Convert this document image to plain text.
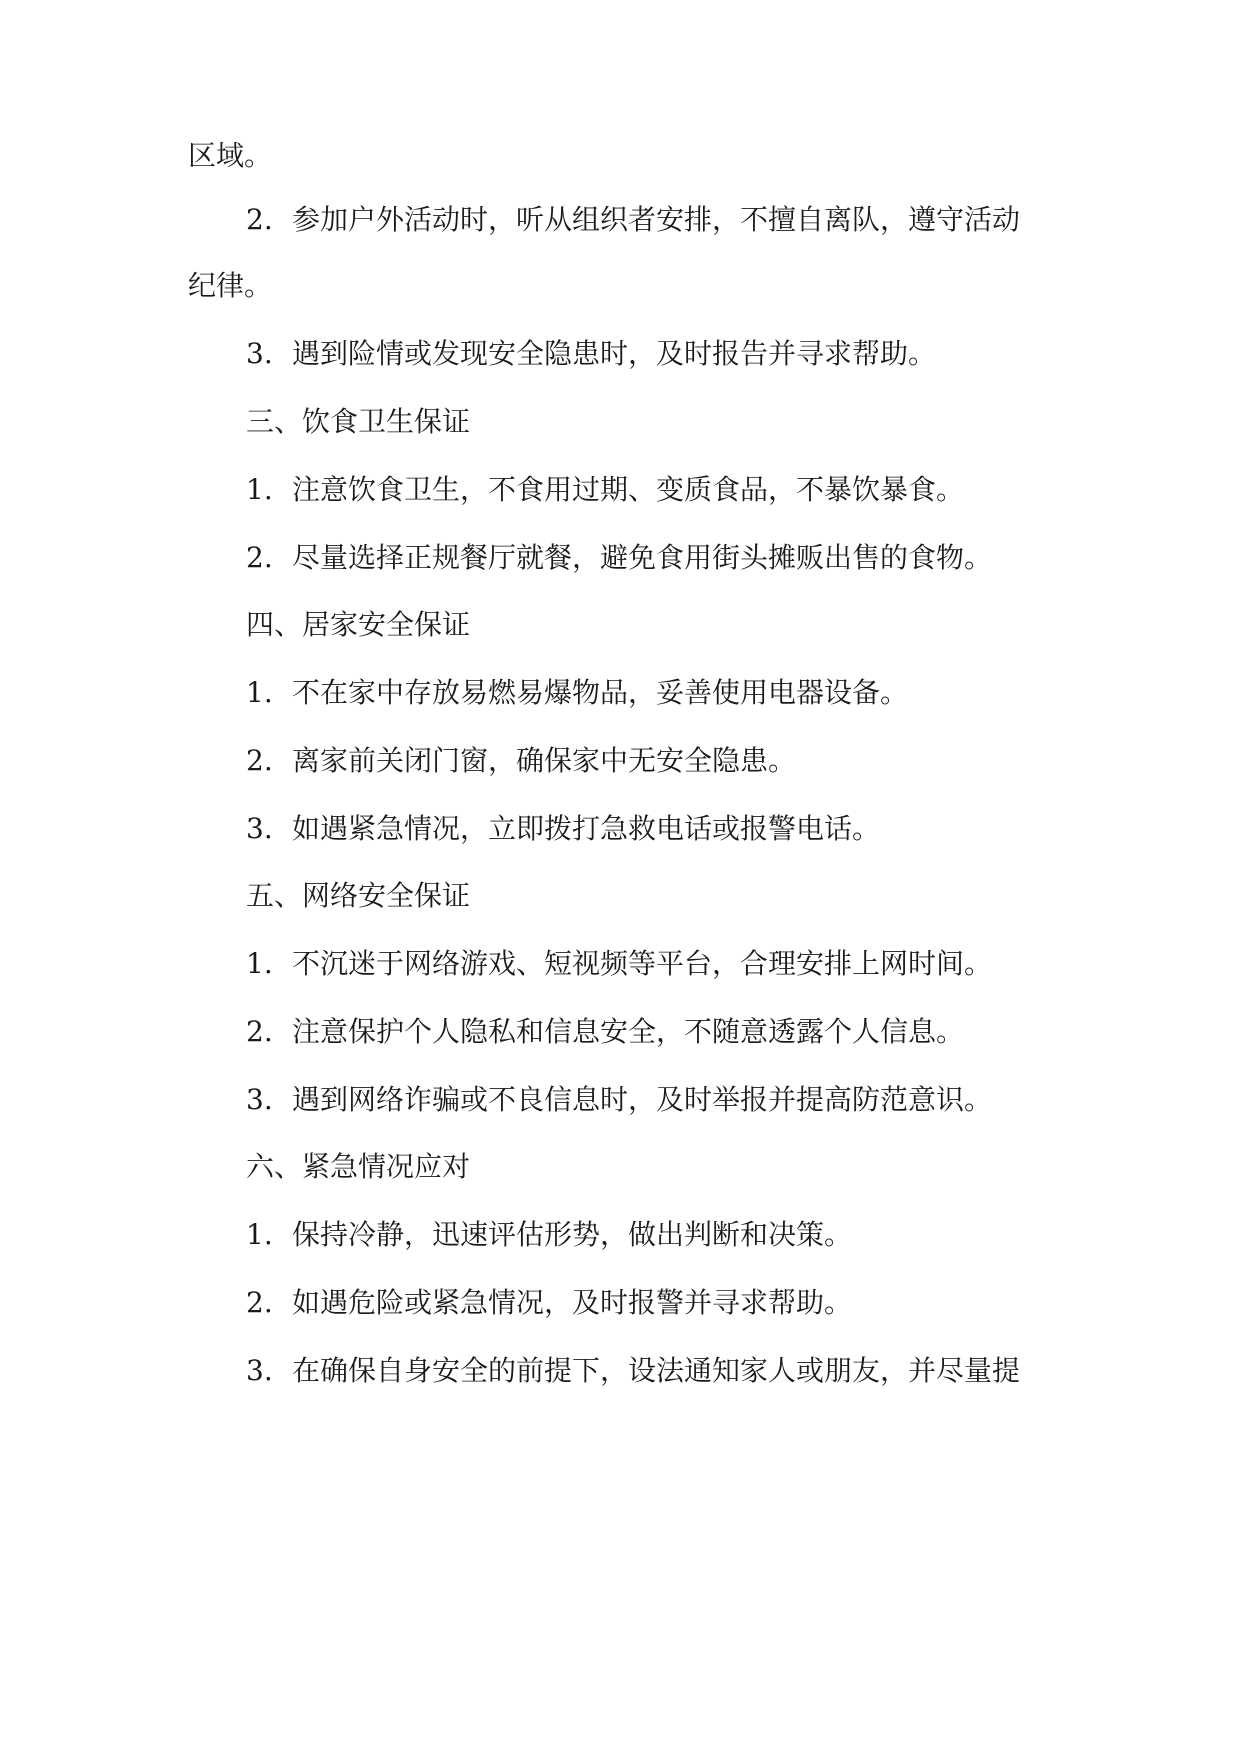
区域。
2. 参加户外活动时，听从组织者安排，不擅自离队，遵守活动
纪律。
3. 遇到险情或发现安全隐患时，及时报告并寻求帮助。
三、饮食卫生保证
1. 注意饮食卫生，不食用过期、变质食品，不暴饮暴食。
2. 尽量选择正规餐厅就餐，避免食用街头摊贩出售的食物。
四、居家安全保证
1. 不在家中存放易燃易爆物品，妥善使用电器设备。
2. 离家前关闭门窗，确保家中无安全隐患。
3. 如遇紧急情况，立即拨打急救电话或报警电话。
五、网络安全保证
1. 不沉迷于网络游戏、短视频等平台，合理安排上网时间。
2. 注意保护个人隐私和信息安全，不随意透露个人信息。
3. 遇到网络诈骗或不良信息时，及时举报并提高防范意识。
六、紧急情况应对
1. 保持冷静，迅速评估形势，做出判断和决策。
2. 如遇危险或紧急情况，及时报警并寻求帮助。
3. 在确保自身安全的前提下，设法通知家人或朋友，并尽量提
